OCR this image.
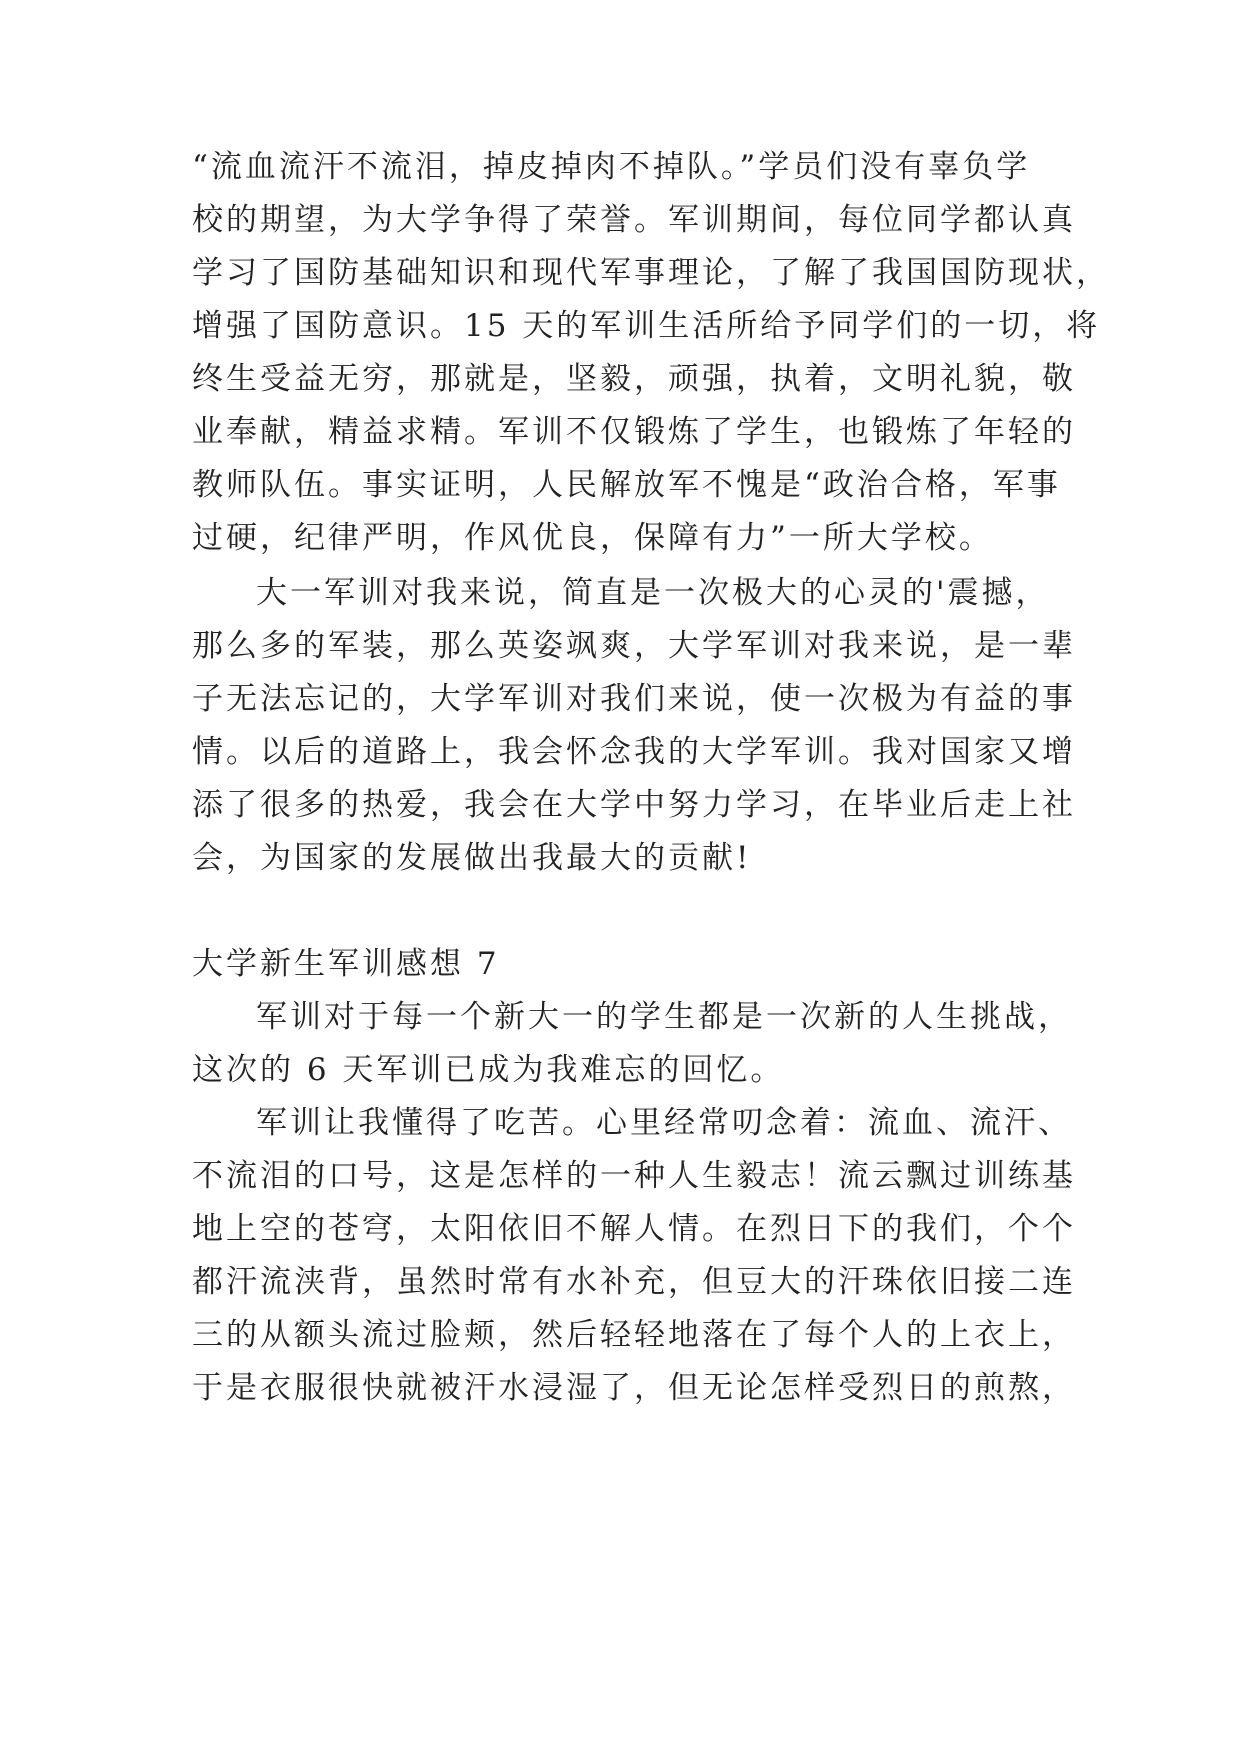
“流血流汗不流泪，掉皮掉肉不掉队。”学员们没有辜负学
校的期望，为大学争得了荣誉。军训期间，每位同学都认真
学习了国防基础知识和现代军事理论，了解了我国国防现状，
增强了国防意识。15 天的军训生活所给予同学们的一切，将
终生受益无穷，那就是，坚毅，顽强，执着，文明礼貌，敬
业奉献，精益求精。军训不仅锻炼了学生，也锻炼了年轻的
教师队伍。事实证明，人民解放军不愧是“政治合格，军事
过硬，纪律严明，作风优良，保障有力”一所大学校。
大一军训对我来说，简直是一次极大的心灵的'震撼，
那么多的军装，那么英姿飒爽，大学军训对我来说，是一辈
子无法忘记的，大学军训对我们来说，使一次极为有益的事
情。以后的道路上，我会怀念我的大学军训。我对国家又增
添了很多的热爱，我会在大学中努力学习，在毕业后走上社
会，为国家的发展做出我最大的贡献!
大学新生军训感想 7
军训对于每一个新大一的学生都是一次新的人生挑战，
这次的 6 天军训已成为我难忘的回忆。
军训让我懂得了吃苦。心里经常叨念着：流血、流汗、
不流泪的口号，这是怎样的一种人生毅志！流云飘过训练基
地上空的苍穹，太阳依旧不解人情。在烈日下的我们，个个
都汗流浃背，虽然时常有水补充，但豆大的汗珠依旧接二连
三的从额头流过脸颊，然后轻轻地落在了每个人的上衣上，
于是衣服很快就被汗水浸湿了，但无论怎样受烈日的煎熬，
